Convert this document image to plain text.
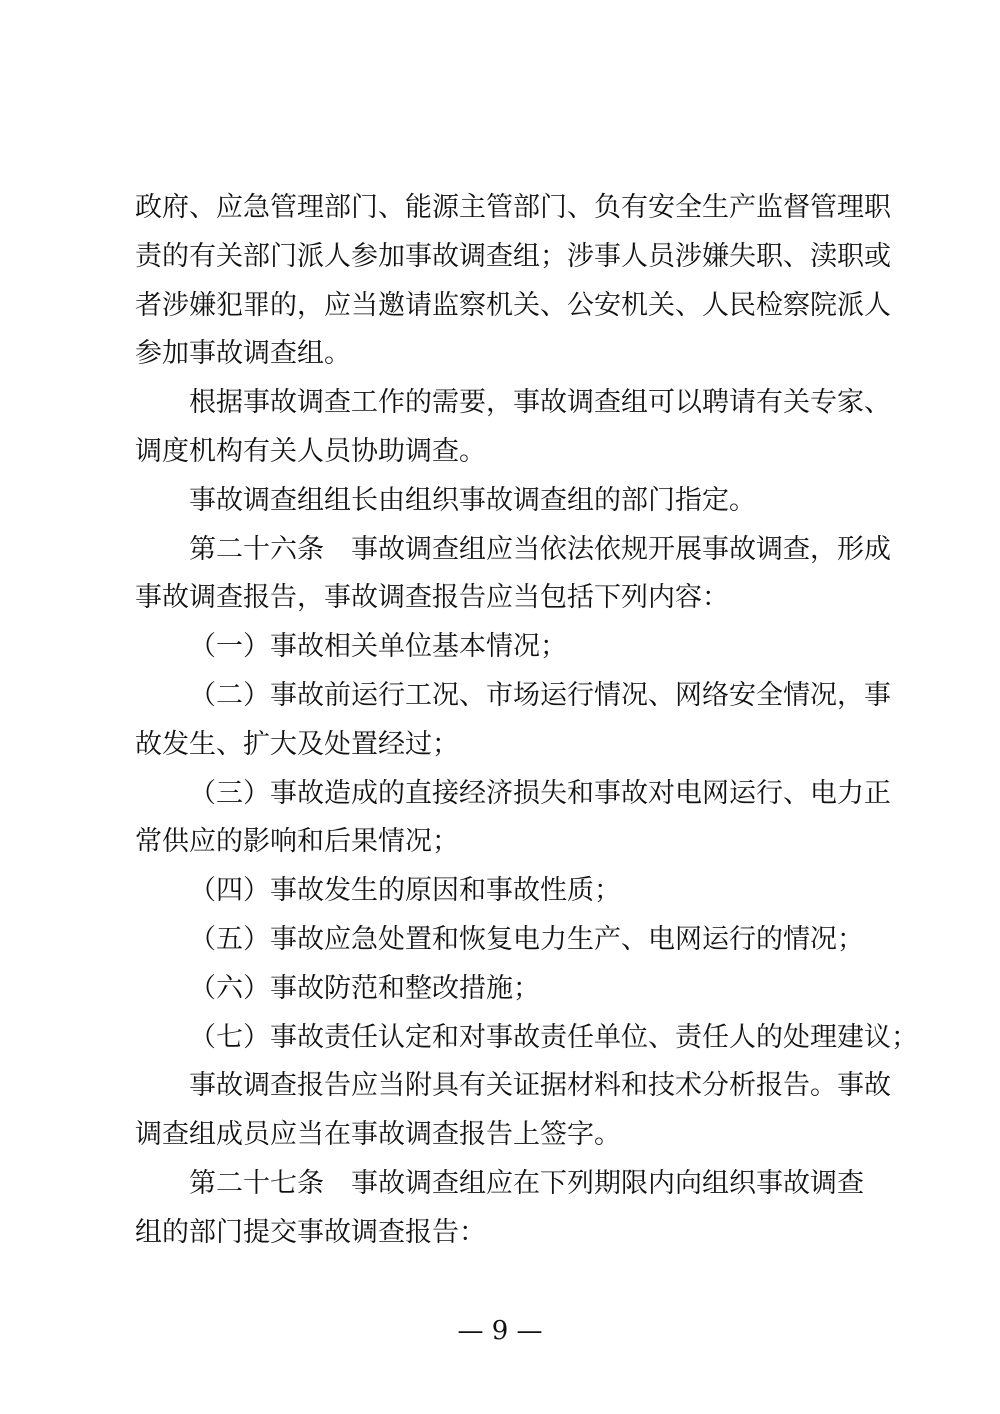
政府、应急管理部门、能源主管部门、负有安全生产监督管理职
责的有关部门派人参加事故调查组；涉事人员涉嫌失职、渎职或
者涉嫌犯罪的，应当邀请监察机关、公安机关、人民检察院派人
参加事故调查组。
根据事故调查工作的需要，事故调查组可以聘请有关专家、
调度机构有关人员协助调查。
事故调查组组长由组织事故调查组的部门指定。
第二十六条　事故调查组应当依法依规开展事故调查，形成
事故调查报告，事故调查报告应当包括下列内容：
（一）事故相关单位基本情况；
（二）事故前运行工况、市场运行情况、网络安全情况，事
故发生、扩大及处置经过；
（三）事故造成的直接经济损失和事故对电网运行、电力正
常供应的影响和后果情况；
（四）事故发生的原因和事故性质；
（五）事故应急处置和恢复电力生产、电网运行的情况；
（六）事故防范和整改措施；
（七）事故责任认定和对事故责任单位、责任人的处理建议；
事故调查报告应当附具有关证据材料和技术分析报告。事故
调查组成员应当在事故调查报告上签字。
第二十七条　事故调查组应在下列期限内向组织事故调查
组的部门提交事故调查报告：
— 9 —
